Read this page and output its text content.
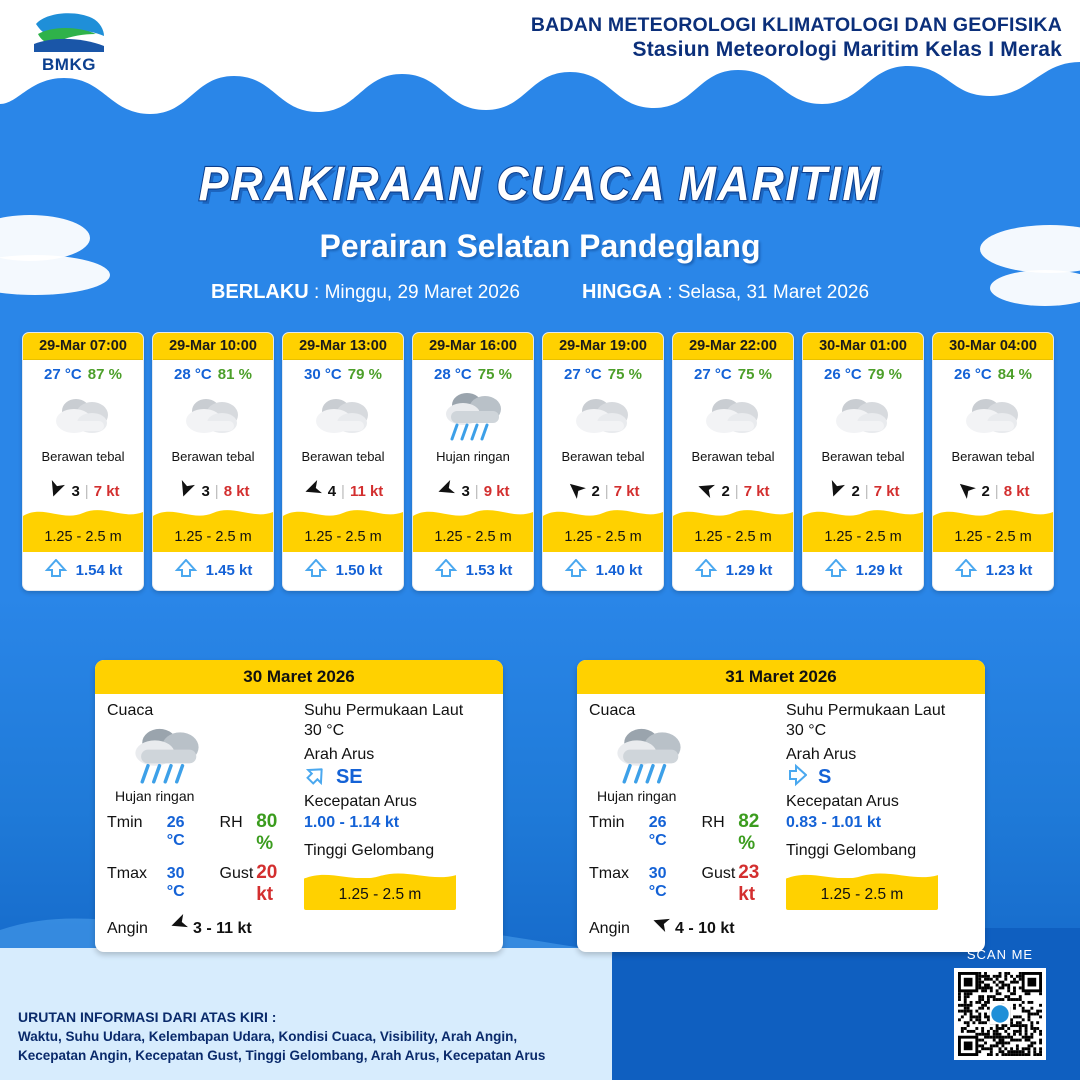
BMKG
BADAN METEOROLOGI KLIMATOLOGI DAN GEOFISIKA
Stasiun Meteorologi Maritim Kelas I Merak
PRAKIRAAN CUACA MARITIM
Perairan Selatan Pandeglang
BERLAKU : Minggu, 29 Maret 2026	HINGGA : Selasa, 31 Maret 2026
29-Mar 07:00
27 °C 87 %
Berawan tebal
3 | 7 kt
1.25 - 2.5 m
1.54 kt
29-Mar 10:00
28 °C 81 %
Berawan tebal
3 | 8 kt
1.25 - 2.5 m
1.45 kt
29-Mar 13:00
30 °C 79 %
Berawan tebal
4 | 11 kt
1.25 - 2.5 m
1.50 kt
29-Mar 16:00
28 °C 75 %
Hujan ringan
3 | 9 kt
1.25 - 2.5 m
1.53 kt
29-Mar 19:00
27 °C 75 %
Berawan tebal
2 | 7 kt
1.25 - 2.5 m
1.40 kt
29-Mar 22:00
27 °C 75 %
Berawan tebal
2 | 7 kt
1.25 - 2.5 m
1.29 kt
30-Mar 01:00
26 °C 79 %
Berawan tebal
2 | 7 kt
1.25 - 2.5 m
1.29 kt
30-Mar 04:00
26 °C 84 %
Berawan tebal
2 | 8 kt
1.25 - 2.5 m
1.23 kt
30 Maret 2026
Cuaca
Hujan ringan
Tmin	26 °C
RH 80 %
Tmax	30 °C
Gust 20 kt
Angin	3 - 11 kt
Suhu Permukaan Laut
30 °C
Arah Arus
SE
Kecepatan Arus
1.00 - 1.14 kt
Tinggi Gelombang
1.25 - 2.5 m
31 Maret 2026
Cuaca
Hujan ringan
Tmin	26 °C
RH 82 %
Tmax	30 °C
Gust 23 kt
Angin	4 - 10 kt
Suhu Permukaan Laut
30 °C
Arah Arus
S
Kecepatan Arus
0.83 - 1.01 kt
Tinggi Gelombang
1.25 - 2.5 m
URUTAN INFORMASI DARI ATAS KIRI :
Waktu, Suhu Udara, Kelembapan Udara, Kondisi Cuaca, Visibility, Arah Angin,
Kecepatan Angin, Kecepatan Gust, Tinggi Gelombang, Arah Arus, Kecepatan Arus
SCAN ME
